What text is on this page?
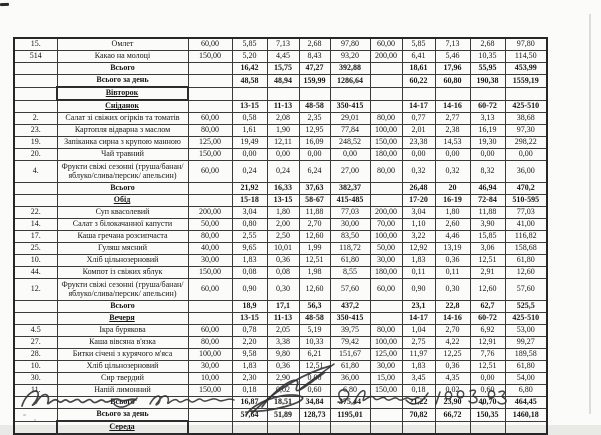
15.	Омлет	60,00	5,85	7,13	2,68	97,80	60,00	5,85	7,13	2,68	97,80
514	Какао на молоці	150,00	5,20	4,45	8,43	93,20	200,00	6,41	5,46	10,35	114,50
	Всього		16,42	15,75	47,27	392,88		18,61	17,96	55,95	453,99
	Всього за день		48,58	48,94	159,99	1286,64		60,22	60,80	190,38	1559,19
	Вівторок										
	Сніданок		13-15	11-13	48-58	350-415		14-17	14-16	60-72	425-510
2.	Салат зі свіжих огірків та томатів	60,00	0,58	2,08	2,35	29,01	80,00	0,77	2,77	3,13	38,68
23.	Картопля відварна з маслом	80,00	1,61	1,90	12,95	77,84	100,00	2,01	2,38	16,19	97,30
19.	Запіканка сирна з крупою манною	125,00	19,49	12,11	16,09	248,52	150,00	23,38	14,53	19,30	298,22
20.	Чай травний	150,00	0,00	0,00	0,00	0,00	180,00	0,00	0,00	0,00	0,00
4.	Фрукти свіжі сезонні (груша/банан/ яблуко/слива/персик/ апельсин)	60,00	0,24	0,24	6,24	27,00	80,00	0,32	0,32	8,32	36,00
	Всього		21,92	16,33	37,63	382,37		26,48	20	46,94	470,2
	Обід		15-18	13-15	58-67	415-485		17-20	16-19	72-84	510-595
22.	Суп квасолевий	200,00	3,04	1,80	11,88	77,03	200,00	3,04	1,80	11,88	77,03
14.	Салат з білокачанної капусти	50,00	0,80	2,00	2,70	30,00	70,00	1,10	2,60	3,90	41,00
17.	Каша гречана розсипчаста	80,00	2,55	2,50	12,60	83,50	100,00	3,22	4,46	15,85	116,82
25.	Гуляш мясний	40,00	9,65	10,01	1,99	118,72	50,00	12,92	13,19	3,06	158,68
10.	Хліб цільнозерновий	30,00	1,83	0,36	12,51	61,80	30,00	1,83	0,36	12,51	61,80
44.	Компот із свіжих яблук	150,00	0,08	0,08	1,98	8,55	180,00	0,11	0,11	2,91	12,60
12.	Фрукти свіжі сезонні (груша/банан/ яблуко/слива/персик/ апельсин)	60,00	0,90	0,30	12,60	57,60	60,00	0,90	0,30	12,60	57,60
	Всього		18,9	17,1	56,3	437,2		23,1	22,8	62,7	525,5
	Вечеря		13-15	11-13	48-58	350-415		14-17	14-16	60-72	425-510
4.5	Ікра бурякова	60,00	0,78	2,05	5,19	39,75	80,00	1,04	2,70	6,92	53,00
27.	Каша вівсяна в'язка	80,00	2,20	3,38	10,33	79,42	100,00	2,75	4,22	12,91	99,27
28.	Битки січені з курячого м'яса	100,00	9,58	9,80	6,21	151,67	125,00	11,97	12,25	7,76	189,58
10.	Хліб цільнозерновий	30,00	1,83	0,36	12,51	61,80	30,00	1,83	0,36	12,51	61,80
30.	Сир твердий	10,00	2,30	2,90	0,00	36,00	15,00	3,45	4,35	0,00	54,00
11.	Напій лимонний	150,00	0,18	0,02	0,60	6,80	150,00	0,18	0,02	0,60	6,80
	Всього		16,87	18,51	34,84	375,44		21,22	23,90	40,70	464,45
	Всього за день		57,64	51,89	128,73	1195,01		70,82	66,72	150,35	1460,18
	Середа										
